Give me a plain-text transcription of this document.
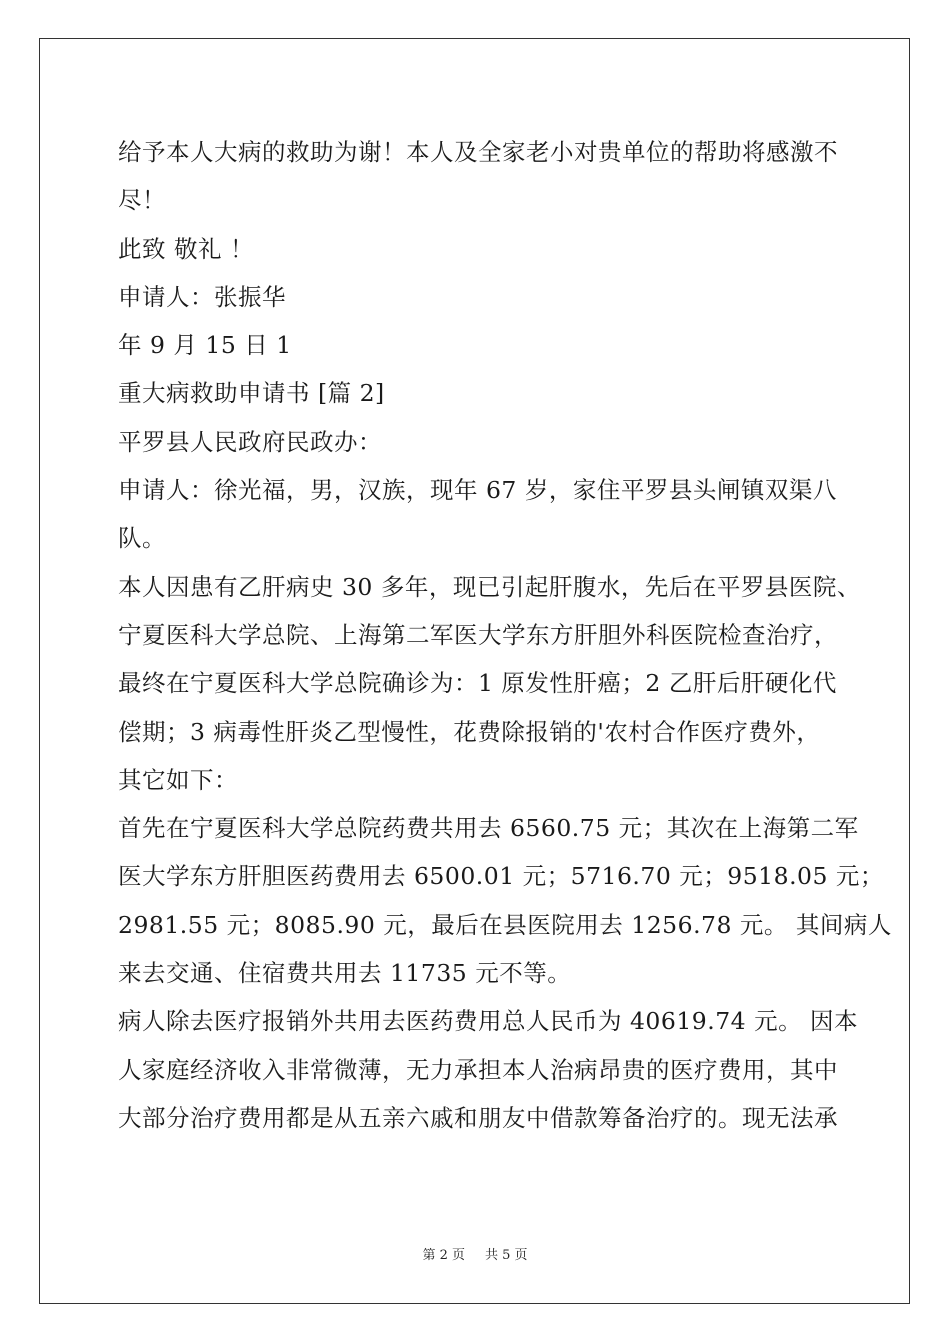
给予本人大病的救助为谢！本人及全家老小对贵单位的帮助将感激不
尽！
此致 敬礼 ！
申请人：张振华
年 9 月 15 日 1
重大病救助申请书 [篇 2]
平罗县人民政府民政办：
申请人：徐光福，男，汉族，现年 67 岁，家住平罗县头闸镇双渠八
队。
本人因患有乙肝病史 30 多年，现已引起肝腹水，先后在平罗县医院、
宁夏医科大学总院、上海第二军医大学东方肝胆外科医院检查治疗，
最终在宁夏医科大学总院确诊为：1 原发性肝癌；2 乙肝后肝硬化代
偿期；3 病毒性肝炎乙型慢性，花费除报销的'农村合作医疗费外，
其它如下：
首先在宁夏医科大学总院药费共用去 6560.75 元；其次在上海第二军
医大学东方肝胆医药费用去 6500.01 元；5716.70 元；9518.05 元；
2981.55 元；8085.90 元，最后在县医院用去 1256.78 元。 其间病人
来去交通、住宿费共用去 11735 元不等。
病人除去医疗报销外共用去医药费用总人民币为 40619.74 元。 因本
人家庭经济收入非常微薄，无力承担本人治病昂贵的医疗费用，其中
大部分治疗费用都是从五亲六戚和朋友中借款筹备治疗的。现无法承
第 2 页 共 5 页
